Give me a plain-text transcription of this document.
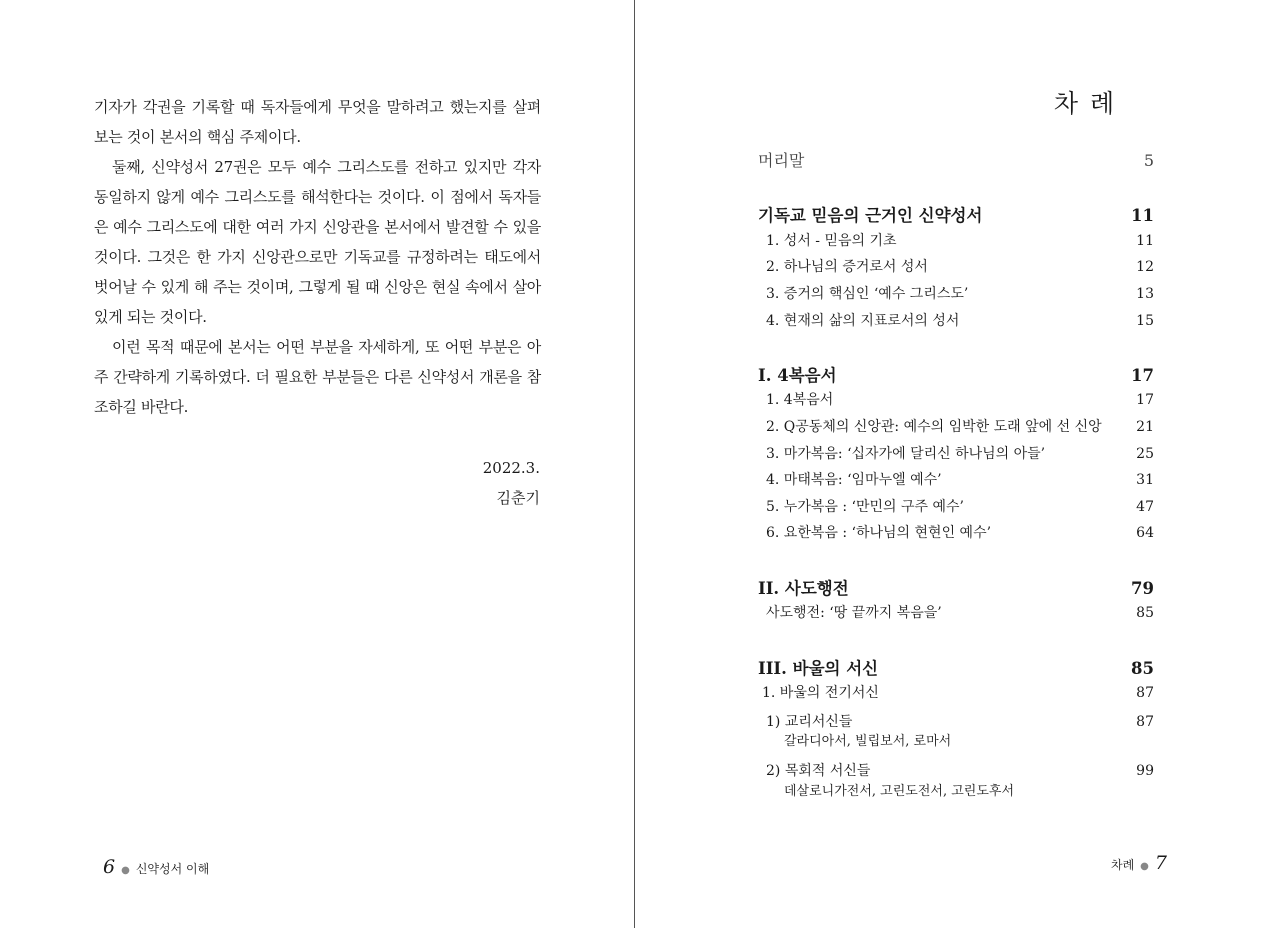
기자가 각권을 기록할 때 독자들에게 무엇을 말하려고 했는지를 살펴보는 것이 본서의 핵심 주제이다.

둘째, 신약성서 27권은 모두 예수 그리스도를 전하고 있지만 각자 동일하지 않게 예수 그리스도를 해석한다는 것이다. 이 점에서 독자들은 예수 그리스도에 대한 여러 가지 신앙관을 본서에서 발견할 수 있을 것이다. 그것은 한 가지 신앙관으로만 기독교를 규정하려는 태도에서 벗어날 수 있게 해 주는 것이며, 그렇게 될 때 신앙은 현실 속에서 살아있게 되는 것이다.

이런 목적 때문에 본서는 어떤 부분을 자세하게, 또 어떤 부분은 아주 간략하게 기록하였다. 더 필요한 부분들은 다른 신약성서 개론을 참조하길 바란다.

2022.3.
김춘기
6 ● 신약성서 이해
차 례
머리말	5
기독교 믿음의 근거인 신약성서	11
1. 성서 - 믿음의 기초	11
2. 하나님의 증거로서 성서	12
3. 증거의 핵심인 ‘예수 그리스도’	13
4. 현재의 삶의 지표로서의 성서	15
I. 4복음서	17
1. 4복음서	17
2. Q공동체의 신앙관: 예수의 임박한 도래 앞에 선 신앙 21
3. 마가복음: ‘십자가에 달리신 하나님의 아들’	25
4. 마태복음: ‘임마누엘 예수’	31
5. 누가복음 : ‘만민의 구주 예수’	47
6. 요한복음 : ‘하나님의 현현인 예수’	64
II. 사도행전	79
사도행전: ‘땅 끝까지 복음을’	85
III. 바울의 서신	85
1. 바울의 전기서신	87
1) 교리서신들	87
갈라디아서, 빌립보서, 로마서
2) 목회적 서신들	99
데살로니가전서, 고린도전서, 고린도후서
차례 ● 7
